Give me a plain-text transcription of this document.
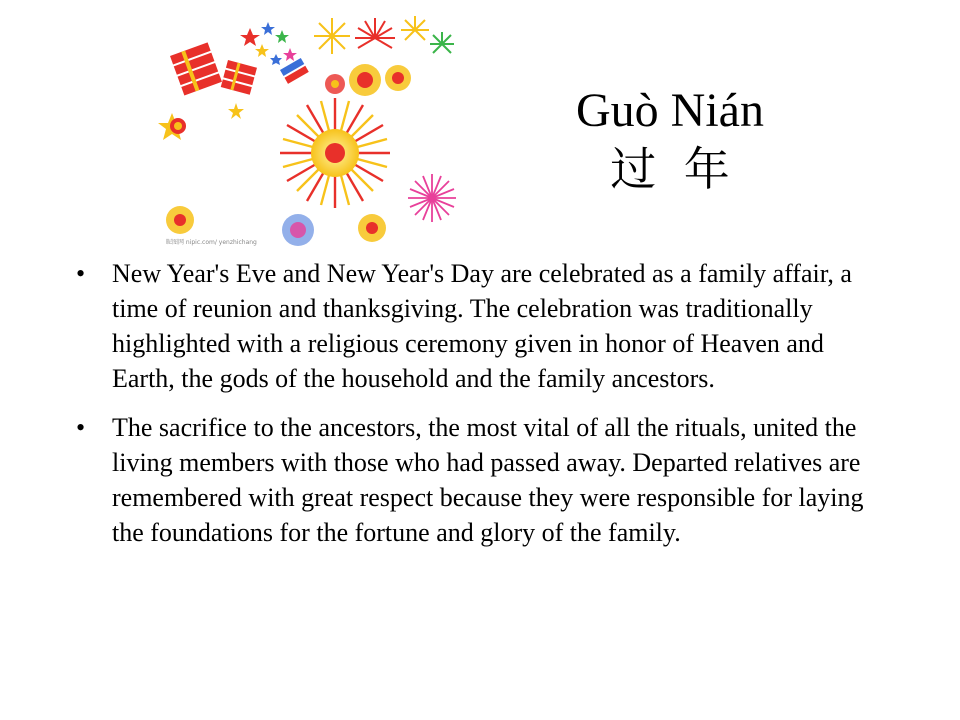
昵图网 nipic.com/ yenzhichang
Guò Nián
过年
• New Year's Eve and New Year's Day are celebrated as a family affair, a time of reunion and thanksgiving. The celebration was traditionally highlighted with a religious ceremony given in honor of Heaven and Earth, the gods of the household and the family ancestors.
• The sacrifice to the ancestors, the most vital of all the rituals, united the living members with those who had passed away. Departed relatives are remembered with great respect because they were responsible for laying the foundations for the fortune and glory of the family.
